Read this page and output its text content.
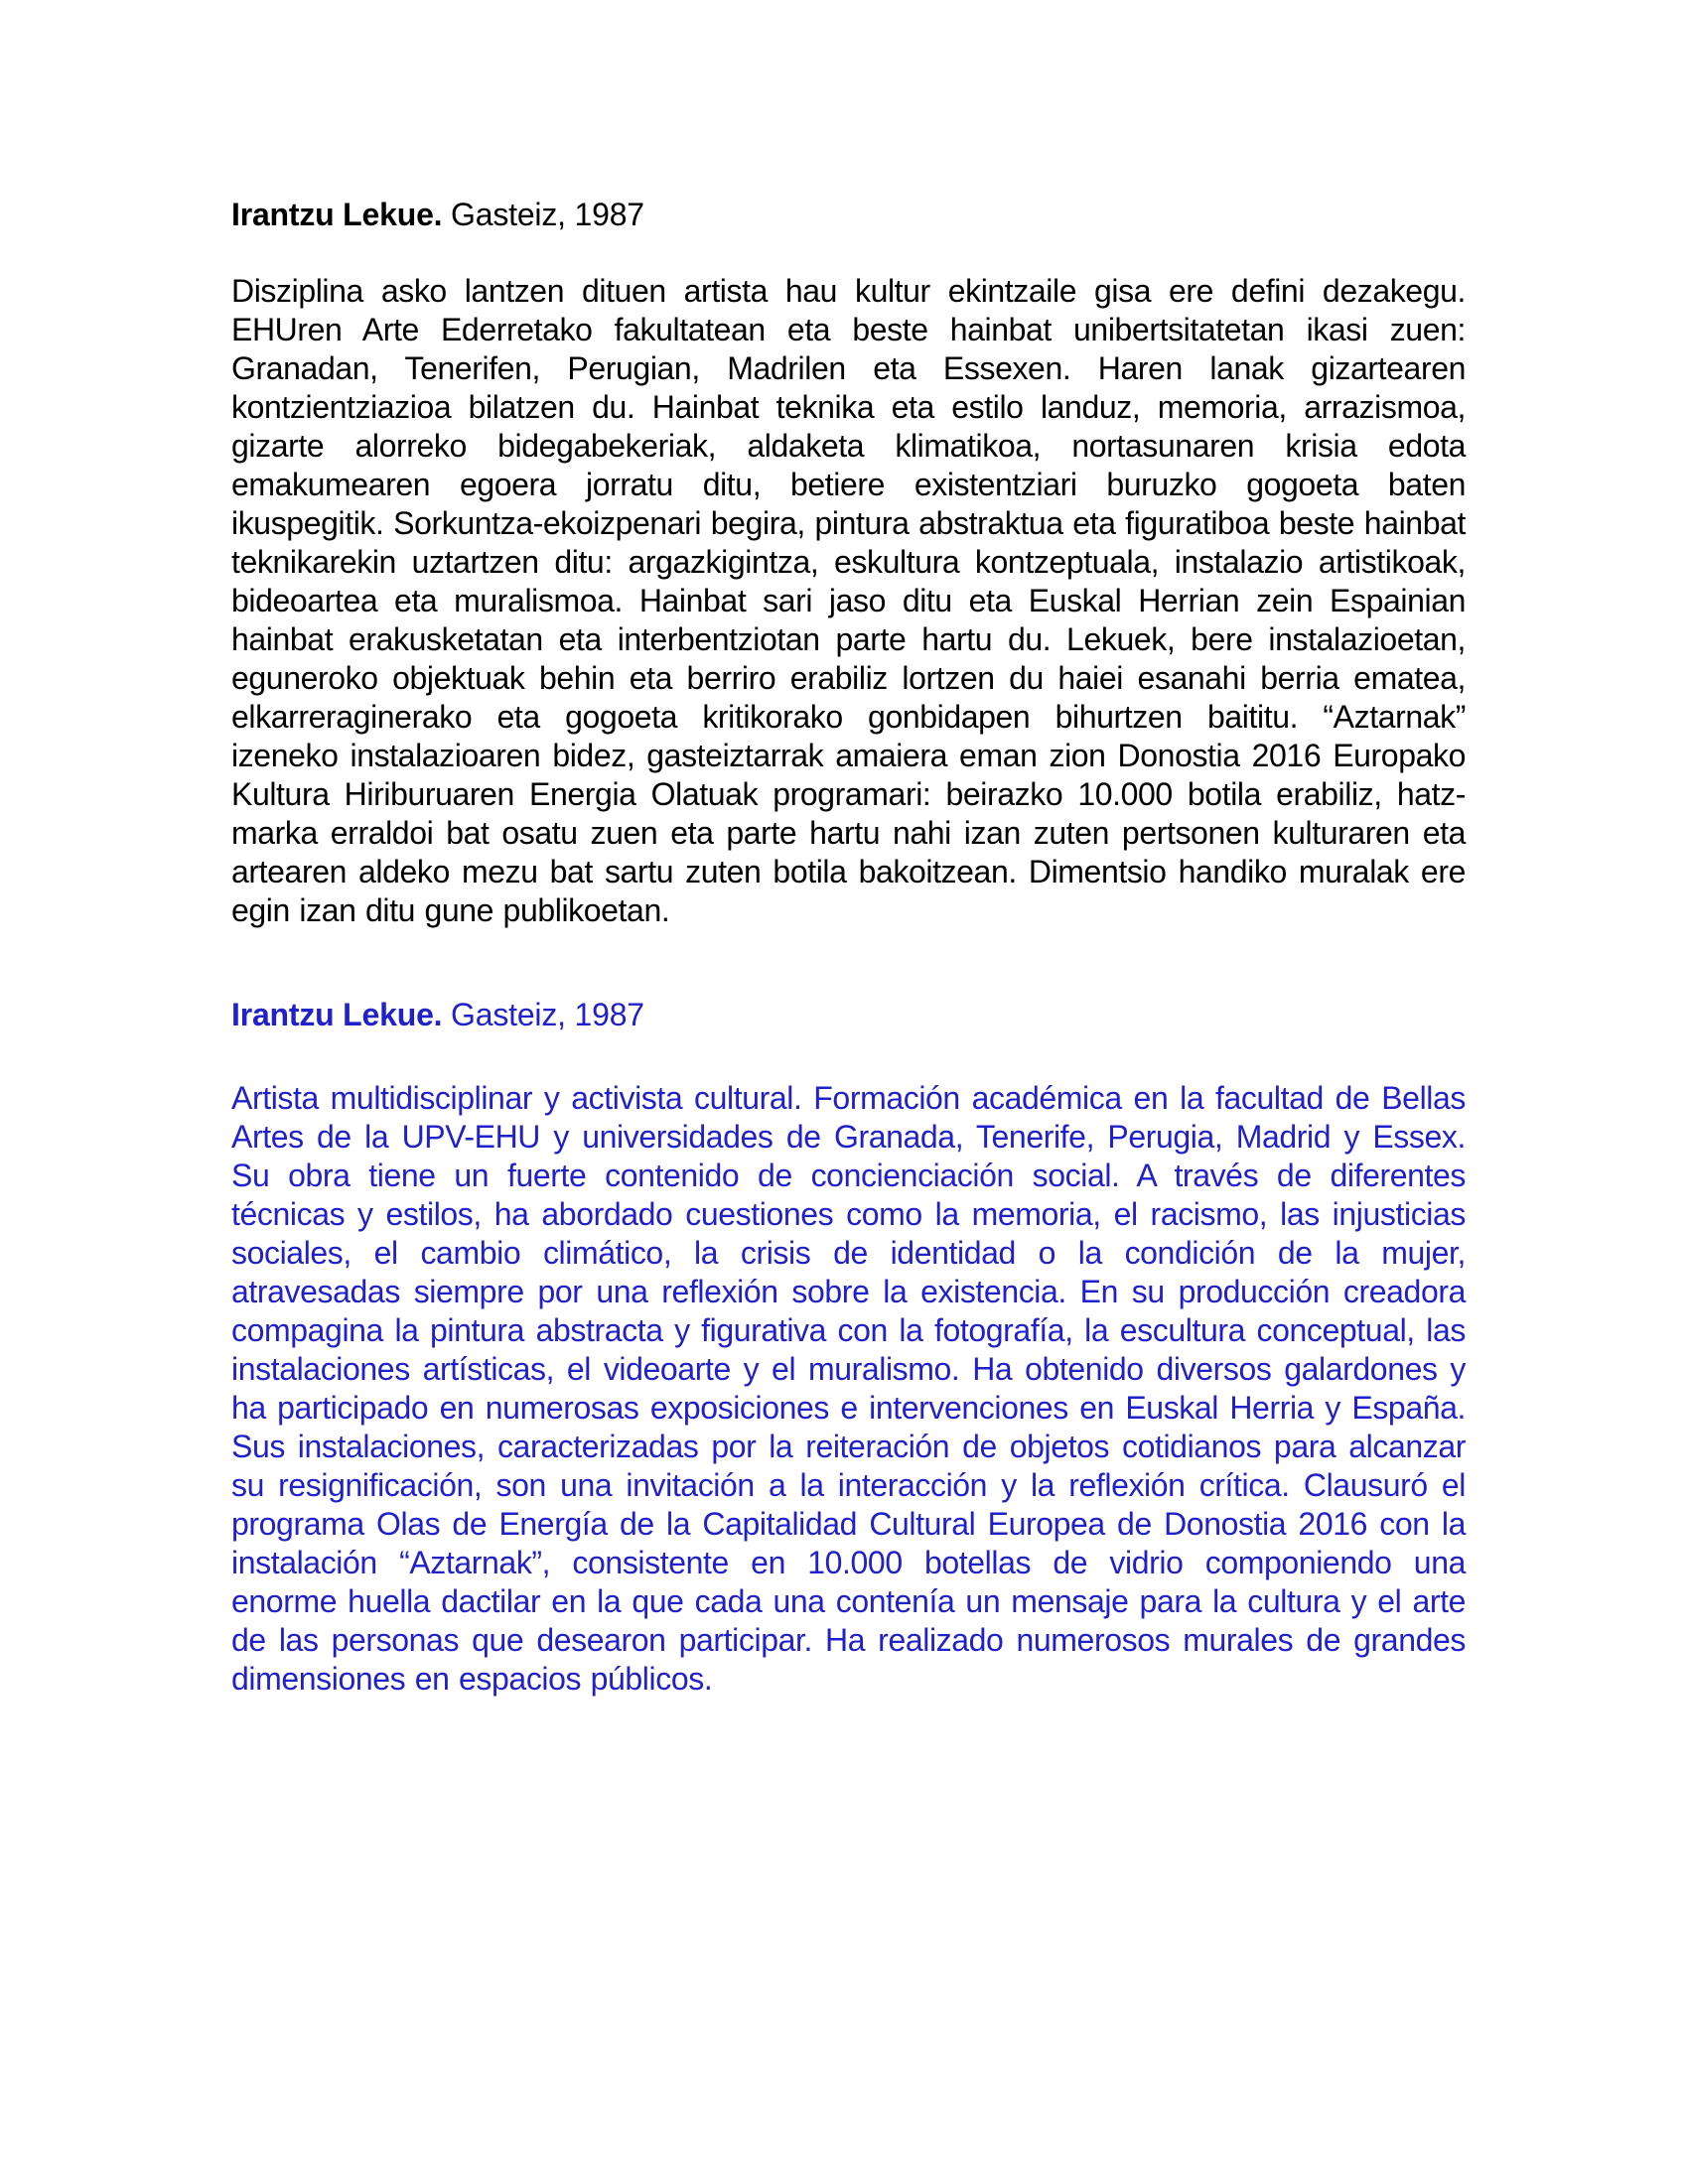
Irantzu Lekue. Gasteiz, 1987

Disziplina asko lantzen dituen artista hau kultur ekintzaile gisa ere defini dezakegu. EHUren Arte Ederretako fakultatean eta beste hainbat unibertsitatetan ikasi zuen: Granadan, Tenerifen, Perugian, Madrilen eta Essexen. Haren lanak gizartearen kontzientziazioa bilatzen du. Hainbat teknika eta estilo landuz, memoria, arrazismoa, gizarte alorreko bidegabekeriak, aldaketa klimatikoa, nortasunaren krisia edota emakumearen egoera jorratu ditu, betiere existentziari buruzko gogoeta baten ikuspegitik. Sorkuntza-ekoizpenari begira, pintura abstraktua eta figuratiboa beste hainbat teknikarekin uztartzen ditu: argazkigintza, eskultura kontzeptuala, instalazio artistikoak, bideoartea eta muralismoa. Hainbat sari jaso ditu eta Euskal Herrian zein Espainian hainbat erakusketatan eta interbentziotan parte hartu du. Lekuek, bere instalazioetan, eguneroko objektuak behin eta berriro erabiliz lortzen du haiei esanahi berria ematea, elkarreraginerako eta gogoeta kritikorako gonbidapen bihurtzen baititu. “Aztarnak” izeneko instalazioaren bidez, gasteiztarrak amaiera eman zion Donostia 2016 Europako Kultura Hiriburuaren Energia Olatuak programari: beirazko 10.000 botila erabiliz, hatz-marka erraldoi bat osatu zuen eta parte hartu nahi izan zuten pertsonen kulturaren eta artearen aldeko mezu bat sartu zuten botila bakoitzean. Dimentsio handiko muralak ere egin izan ditu gune publikoetan.

Irantzu Lekue. Gasteiz, 1987

Artista multidisciplinar y activista cultural. Formación académica en la facultad de Bellas Artes de la UPV-EHU y universidades de Granada, Tenerife, Perugia, Madrid y Essex. Su obra tiene un fuerte contenido de concienciación social. A través de diferentes técnicas y estilos, ha abordado cuestiones como la memoria, el racismo, las injusticias sociales, el cambio climático, la crisis de identidad o la condición de la mujer, atravesadas siempre por una reflexión sobre la existencia. En su producción creadora compagina la pintura abstracta y figurativa con la fotografía, la escultura conceptual, las instalaciones artísticas, el videoarte y el muralismo. Ha obtenido diversos galardones y ha participado en numerosas exposiciones e intervenciones en Euskal Herria y España. Sus instalaciones, caracterizadas por la reiteración de objetos cotidianos para alcanzar su resignificación, son una invitación a la interacción y la reflexión crítica. Clausuró el programa Olas de Energía de la Capitalidad Cultural Europea de Donostia 2016 con la instalación “Aztarnak”, consistente en 10.000 botellas de vidrio componiendo una enorme huella dactilar en la que cada una contenía un mensaje para la cultura y el arte de las personas que desearon participar. Ha realizado numerosos murales de grandes dimensiones en espacios públicos.
